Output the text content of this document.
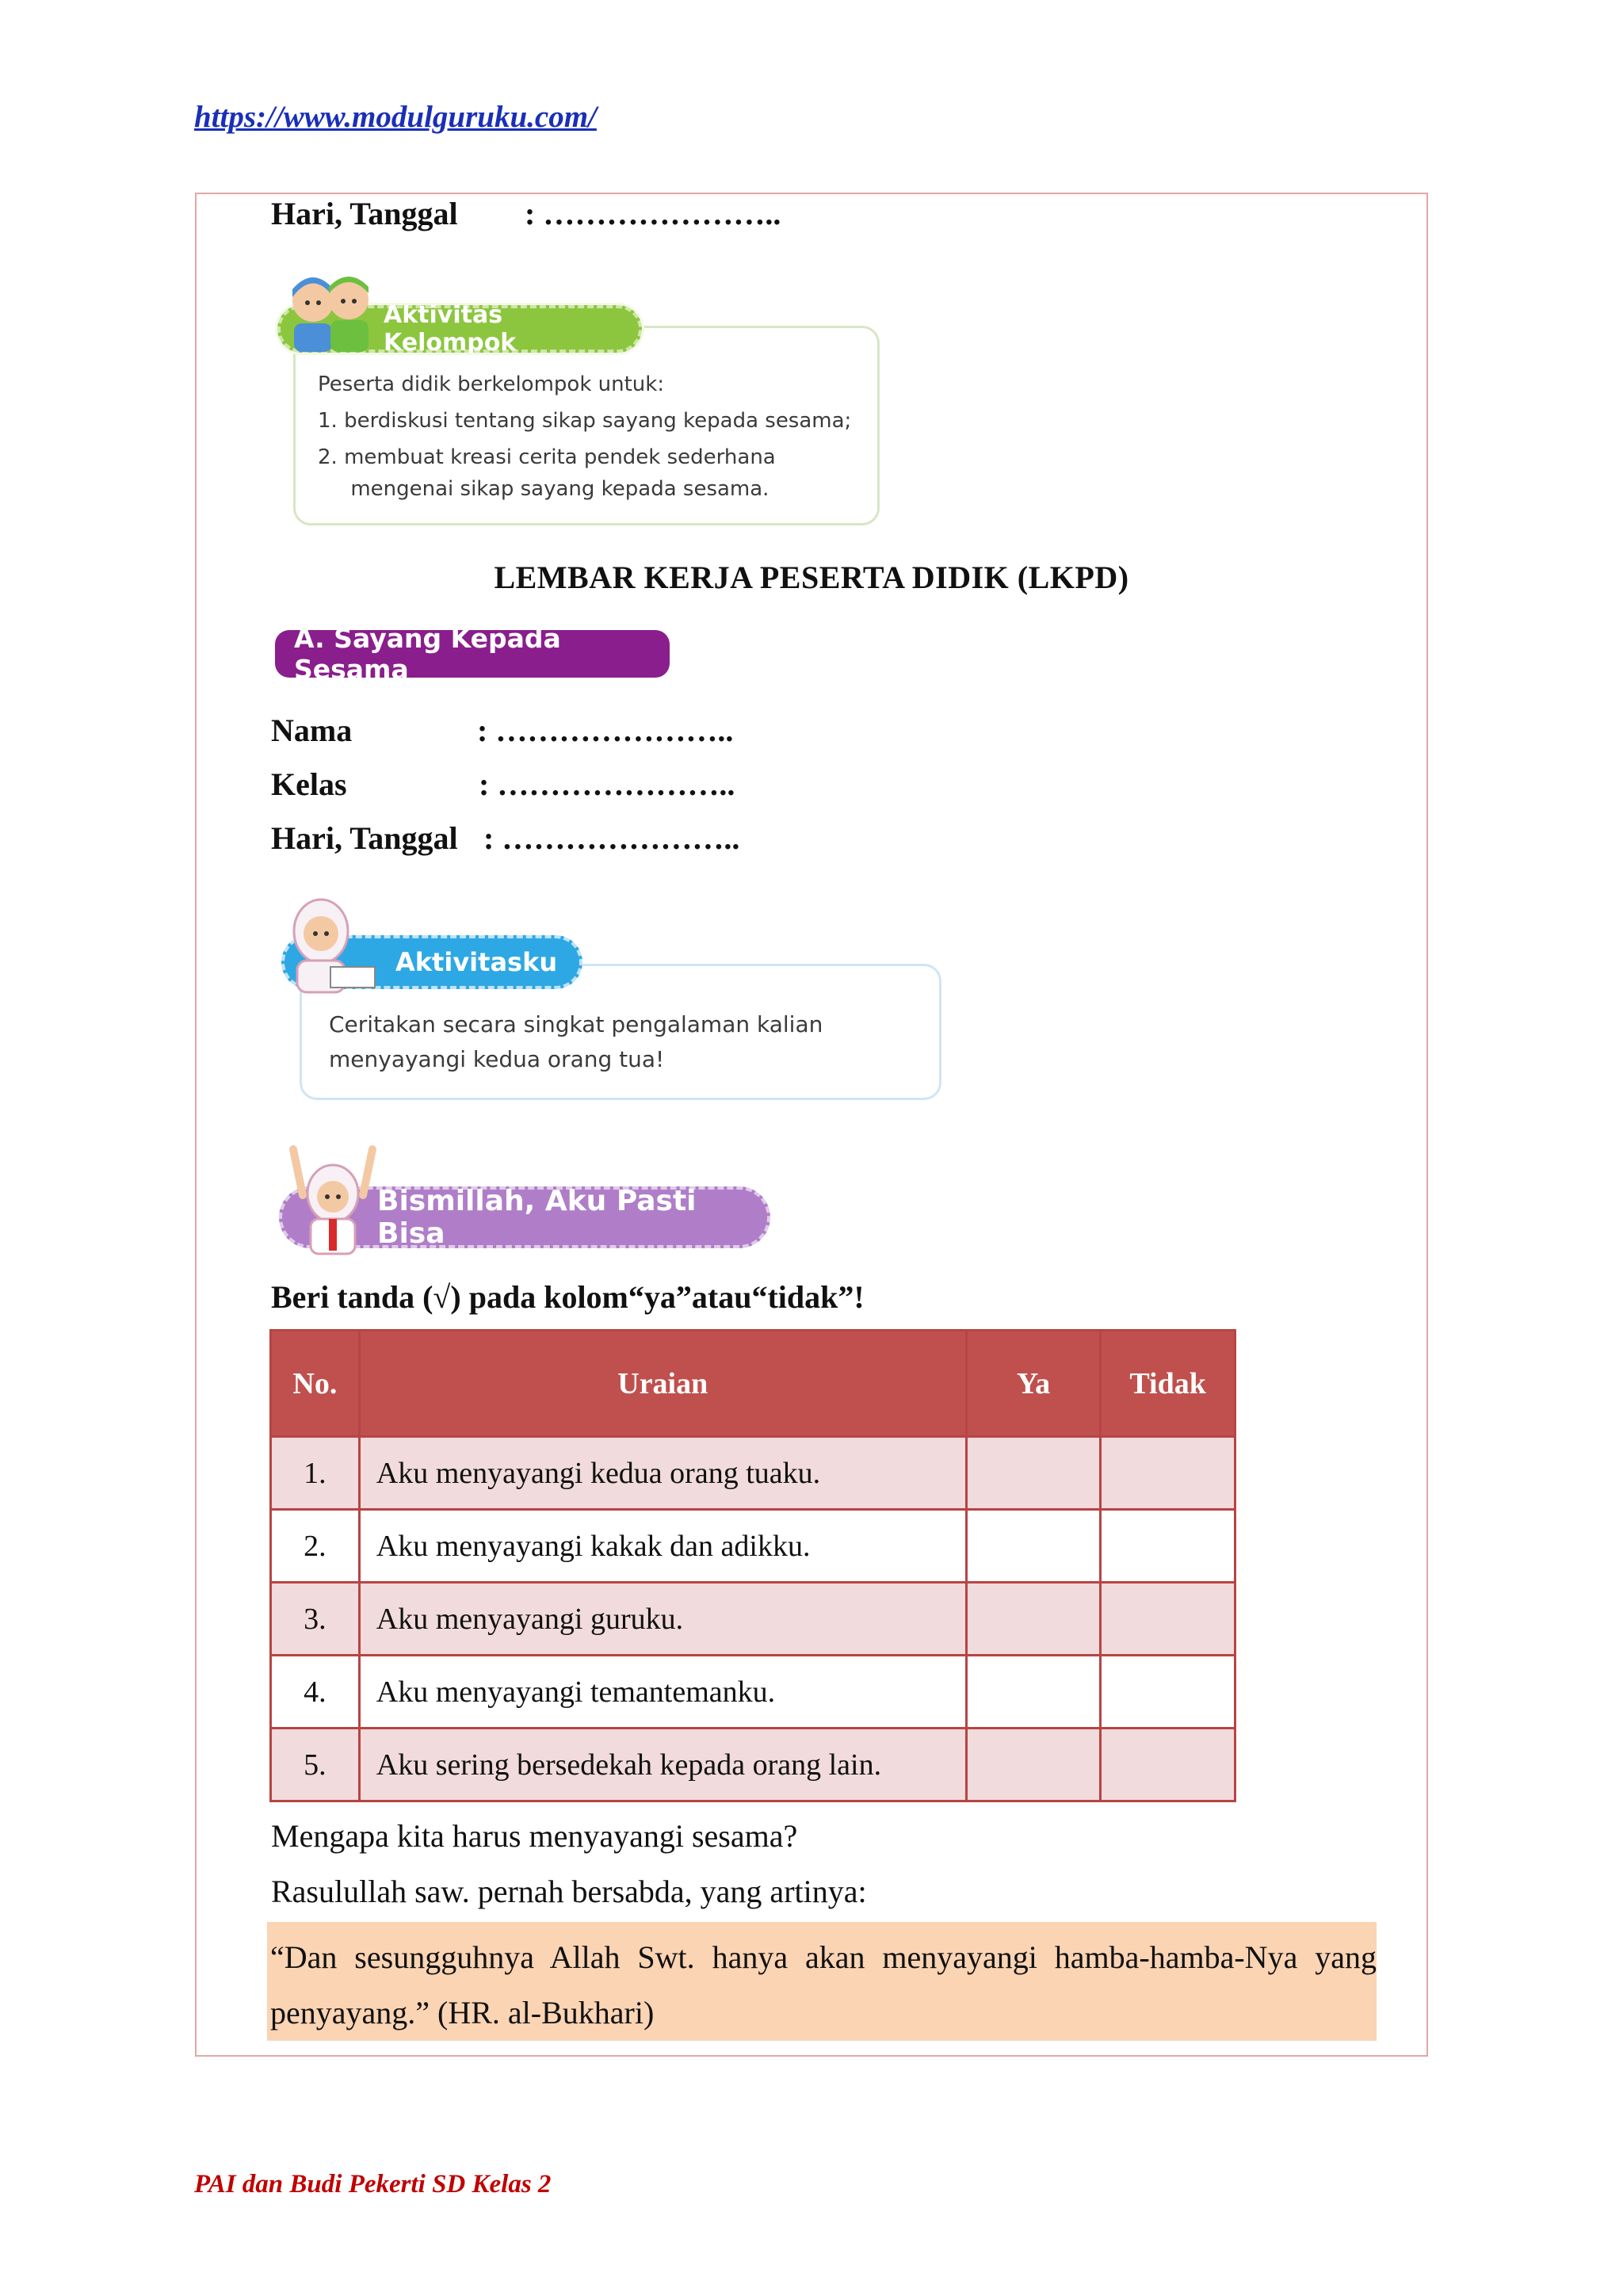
https://www.modulguruku.com/
Hari, Tanggal : …………………..
Peserta didik berkelompok untuk:
1. berdiskusi tentang sikap sayang kepada sesama;
2. membuat kreasi cerita pendek sederhana
mengenai sikap sayang kepada sesama.
Aktivitas Kelompok
LEMBAR KERJA PESERTA DIDIK (LKPD)
A. Sayang Kepada Sesama
Nama	: …………………..
Kelas	: …………………..
Hari, Tanggal : …………………..
Ceritakan secara singkat pengalaman kalian
menyayangi kedua orang tua!
Aktivitasku
Bismillah, Aku Pasti Bisa
Beri tanda (√) pada kolom“ya”atau“tidak”!
No.	Uraian	Ya	Tidak
1.	Aku menyayangi kedua orang tuaku.		
2.	Aku menyayangi kakak dan adikku.		
3.	Aku menyayangi guruku.		
4.	Aku menyayangi temantemanku.		
5.	Aku sering bersedekah kepada orang lain.		
Mengapa kita harus menyayangi sesama?
Rasulullah saw. pernah bersabda, yang artinya:
“Dan sesungguhnya Allah Swt. hanya akan menyayangi hamba-hamba-Nya yang penyayang.” (HR. al-Bukhari)
PAI dan Budi Pekerti SD Kelas 2
